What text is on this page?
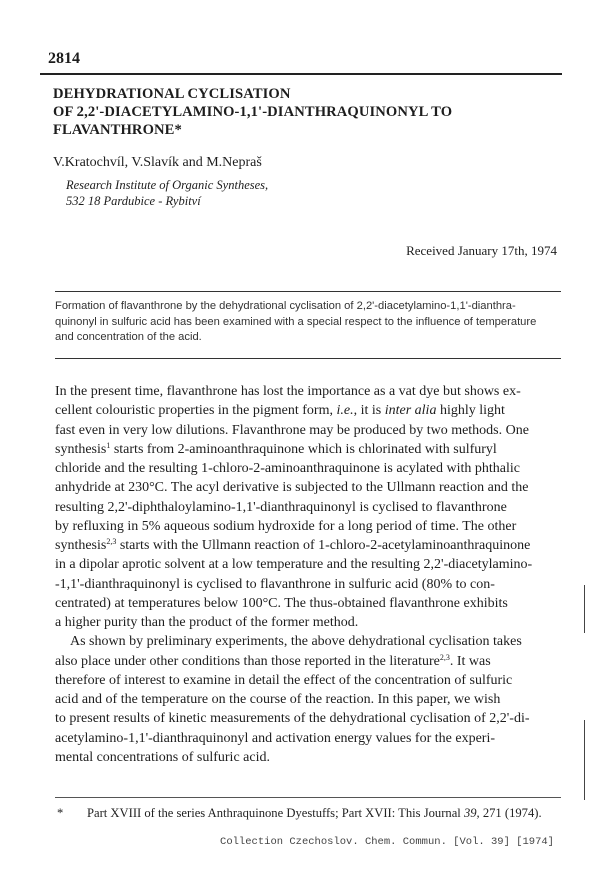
2814
DEHYDRATIONAL CYCLISATION
OF 2,2'-DIACETYLAMINO-1,1'-DIANTHRAQUINONYL TO
FLAVANTHRONE*
V.Kratochvíl, V.Slavík and M.Nepraš
Research Institute of Organic Syntheses,
532 18 Pardubice - Rybitví
Received January 17th, 1974
Formation of flavanthrone by the dehydrational cyclisation of 2,2'-diacetylamino-1,1'-dianthra-
quinonyl in sulfuric acid has been examined with a special respect to the influence of temperature
and concentration of the acid.
In the present time, flavanthrone has lost the importance as a vat dye but shows ex-
cellent colouristic properties in the pigment form, i.e., it is inter alia highly light
fast even in very low dilutions. Flavanthrone may be produced by two methods. One
synthesis$^1$ starts from 2-aminoanthraquinone which is chlorinated with sulfuryl
chloride and the resulting 1-chloro-2-aminoanthraquinone is acylated with phthalic
anhydride at 230°C. The acyl derivative is subjected to the Ullmann reaction and the
resulting 2,2'-diphthaloylamino-1,1'-dianthraquinonyl is cyclised to flavanthrone
by refluxing in 5% aqueous sodium hydroxide for a long period of time. The other
synthesis$^{2,3}$ starts with the Ullmann reaction of 1-chloro-2-acetylaminoanthraquinone
in a dipolar aprotic solvent at a low temperature and the resulting 2,2'-diacetylamino-
-1,1'-dianthraquinonyl is cyclised to flavanthrone in sulfuric acid (80% to con-
centrated) at temperatures below 100°C. The thus-obtained flavanthrone exhibits
a higher purity than the product of the former method.
As shown by preliminary experiments, the above dehydrational cyclisation takes
also place under other conditions than those reported in the literature$^{2,3}$. It was
therefore of interest to examine in detail the effect of the concentration of sulfuric
acid and of the temperature on the course of the reaction. In this paper, we wish
to present results of kinetic measurements of the dehydrational cyclisation of 2,2'-di-
acetylamino-1,1'-dianthraquinonyl and activation energy values for the experi-
mental concentrations of sulfuric acid.
* Part XVIII of the series Anthraquinone Dyestuffs; Part XVII: This Journal 39, 271 (1974).
Collection Czechoslov. Chem. Commun. [Vol. 39] [1974]
